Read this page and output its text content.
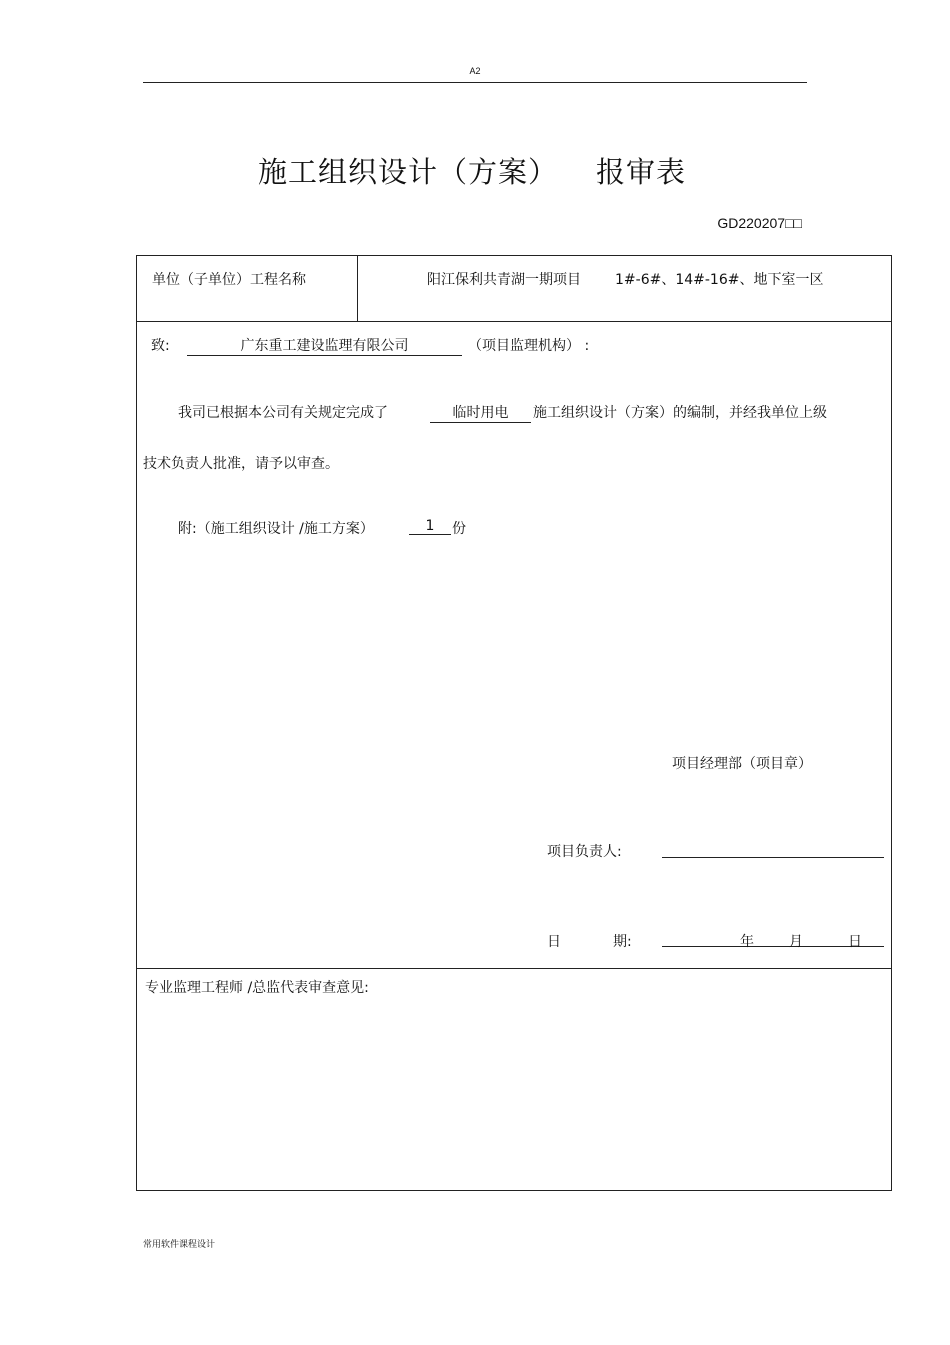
A2
施工组织设计（方案） 报审表
GD220207□□
单位（子单位）工程名称	阳江保利共青湖一期项目 1#-6#、14#-16#、地下室一区
致:	广东重工建设监理有限公司	（项目监理机构） :
我司已根据本公司有关规定完成了	临时用电	施工组织设计（方案）的编制，并经我单位上级
技术负责人批准，请予以审查。
附:（施工组织设计 /施工方案）	1	份
项目经理部（项目章）
项目负责人:
日	期:	年	月	日
专业监理工程师 /总监代表审查意见:
常用软件课程设计
